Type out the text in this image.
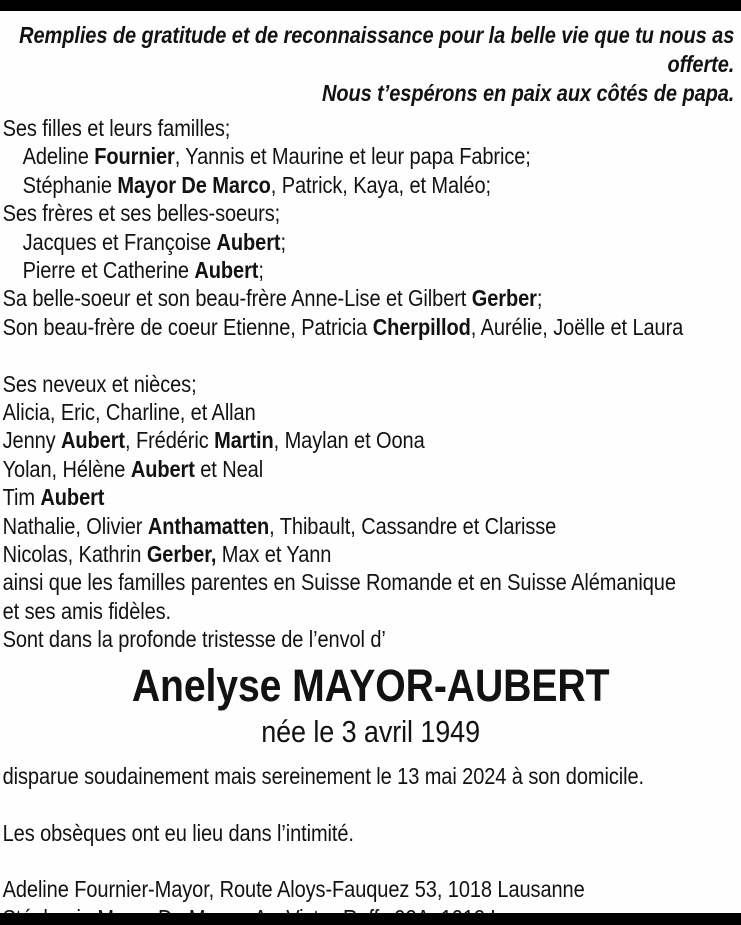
Remplies de gratitude et de reconnaissance pour la belle vie que tu nous as offerte.
Nous t’espérons en paix aux côtés de papa.
Ses filles et leurs familles;
Adeline Fournier, Yannis et Maurine et leur papa Fabrice;
Stéphanie Mayor De Marco, Patrick, Kaya, et Maléo;
Ses frères et ses belles-soeurs;
Jacques et Françoise Aubert;
Pierre et Catherine Aubert;
Sa belle-soeur et son beau-frère Anne-Lise et Gilbert Gerber;
Son beau-frère de coeur Etienne, Patricia Cherpillod, Aurélie, Joëlle et Laura
Ses neveux et nièces;
Alicia, Eric, Charline, et Allan
Jenny Aubert, Frédéric Martin, Maylan et Oona
Yolan, Hélène Aubert et Neal
Tim Aubert
Nathalie, Olivier Anthamatten, Thibault, Cassandre et Clarisse
Nicolas, Kathrin Gerber, Max et Yann
ainsi que les familles parentes en Suisse Romande et en Suisse Alémanique
et ses amis fidèles.
Sont dans la profonde tristesse de l’envol d’
Anelyse MAYOR-AUBERT
née le 3 avril 1949
disparue soudainement mais sereinement le 13 mai 2024 à son domicile.
Les obsèques ont eu lieu dans l’intimité.
Adeline Fournier-Mayor, Route Aloys-Fauquez 53, 1018 Lausanne
